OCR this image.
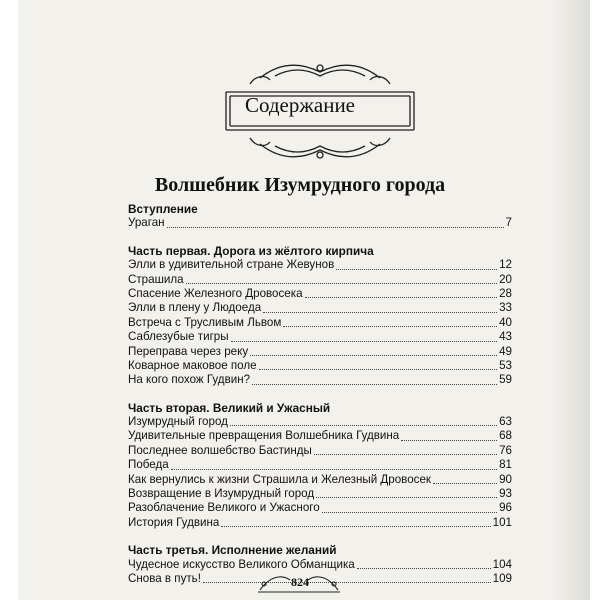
Содержание
Волшебник Изумрудного города
Вступление
Ураган	7
Часть первая. Дорога из жёлтого кирпича
Элли в удивительной стране Жевунов	12
Страшила	20
Спасение Железного Дровосека	28
Элли в плену у Людоеда	33
Встреча с Трусливым Львом	40
Саблезубые тигры	43
Переправа через реку	49
Коварное маковое поле	53
На кого похож Гудвин?	59
Часть вторая. Великий и Ужасный
Изумрудный город	63
Удивительные превращения Волшебника Гудвина	68
Последнее волшебство Бастинды	76
Победа	81
Как вернулись к жизни Страшила и Железный Дровосек	90
Возвращение в Изумрудный город	93
Разоблачение Великого и Ужасного	96
История Гудвина	101
Часть третья. Исполнение желаний
Чудесное искусство Великого Обманщика	104
Снова в путь!	109
824
